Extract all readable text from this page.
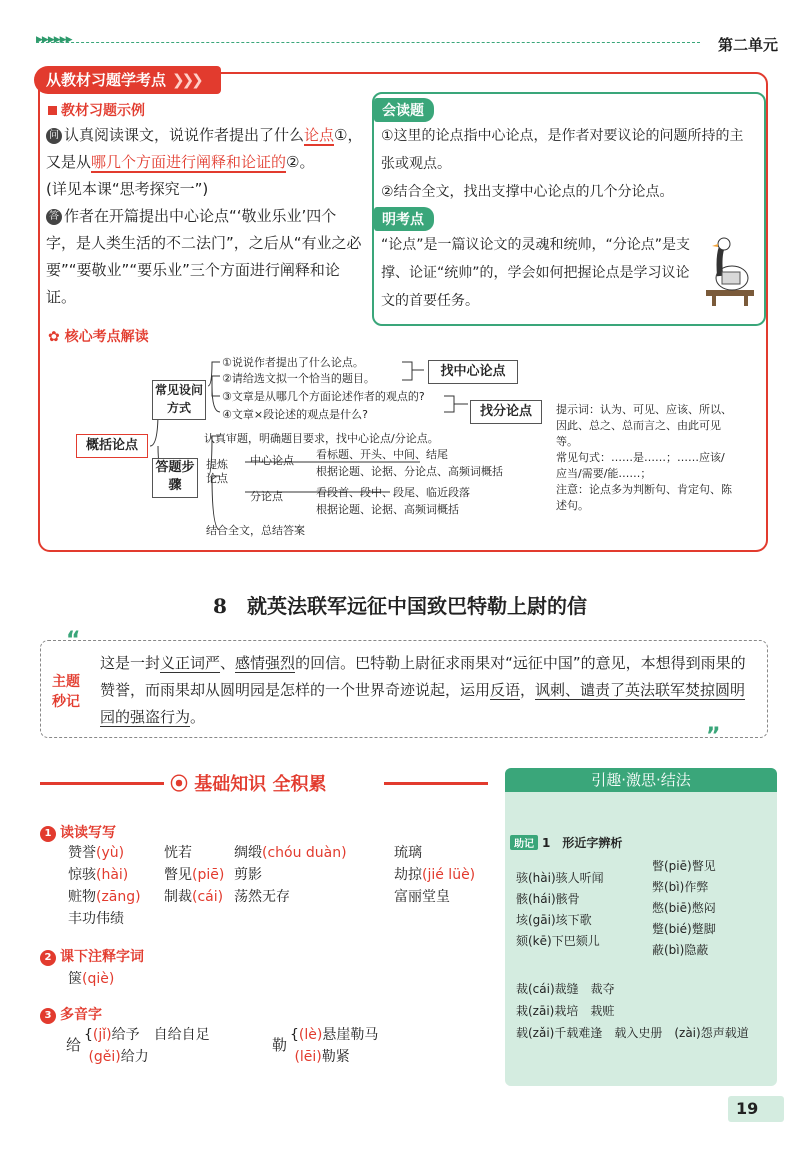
▶▶▶▶▶▶	第二单元
从教材习题学考点 ❯❯❯
教材习题示例
问 认真阅读课文，说说作者提出了什么论点①，又是从哪几个方面进行阐释和论证的②。
(详见本课“思考探究一”)
答 作者在开篇提出中心论点“‘敬业乐业’四个字，是人类生活的不二法门”，之后从“有业之必要”“要敬业”“要乐业”三个方面进行阐释和论证。
会读题
①这里的论点指中心论点，是作者对要议论的问题所持的主张或观点。
②结合全文，找出支撑中心论点的几个分论点。
明考点
“论点”是一篇议论文的灵魂和统帅，“分论点”是支撑、论证“统帅”的，学会如何把握论点是学习议论文的首要任务。
✿ 核心考点解读
概括论点
常见设问方式
①说说作者提出了什么论点。
②请给选文拟一个恰当的题目。
③文章是从哪几个方面论述作者的观点的?
④文章×段论述的观点是什么?
找中心论点
找分论点
答题步骤
认真审题，明确题目要求，找中心论点/分论点。
提炼论点
中心论点 看标题、开头、中间、结尾
根据论题、论据、分论点、高频词概括
分论点	看段首、段中、段尾、临近段落
根据论题、论据、高频词概括
结合全文，总结答案
提示词：认为、可见、应该、所以、因此、总之、总而言之、由此可见等。
常见句式：……是……；……应该/应当/需要/能……；
注意：论点多为判断句、肯定句、陈述句。
8　 就英法联军远征中国致巴特勒上尉的信
“
”
主题
秒记
这是一封义正词严、感情强烈的回信。巴特勒上尉征求雨果对“远征中国”的意见，本想得到雨果的赞誉，而雨果却从圆明园是怎样的一个世界奇迹说起，运用反语，讽刺、谴责了英法联军焚掠圆明园的强盗行为。
⦿ 基础知识 全积累
1 读读写写
赞誉(yù)	恍若	绸缎(chóu duàn)	琉璃
惊骇(hài)	瞥见(piē) 剪影	劫掠(jié lüè)
赃物(zāng) 制裁(cái) 荡然无存	富丽堂皇
丰功伟绩
2 课下注释字词
箧(qiè)
3 多音字
给
{(jǐ)给予　自给自足
(gěi)给力
勒
{(lè)悬崖勒马
(lēi)勒紧
引趣·激思·结法
助记 1　形近字辨析
骇(hài)骇人听闻
骸(hái)骸骨
垓(gāi)垓下歌
颏(kē)下巴颏儿
瞥(piē)瞥见
弊(bì)作弊
憋(biē)憋闷
蹩(bié)蹩脚
蔽(bì)隐蔽
裁(cái)裁缝　裁夺
栽(zāi)栽培　栽赃
载(zǎi)千载难逢　载入史册　(zài)怨声载道
19
